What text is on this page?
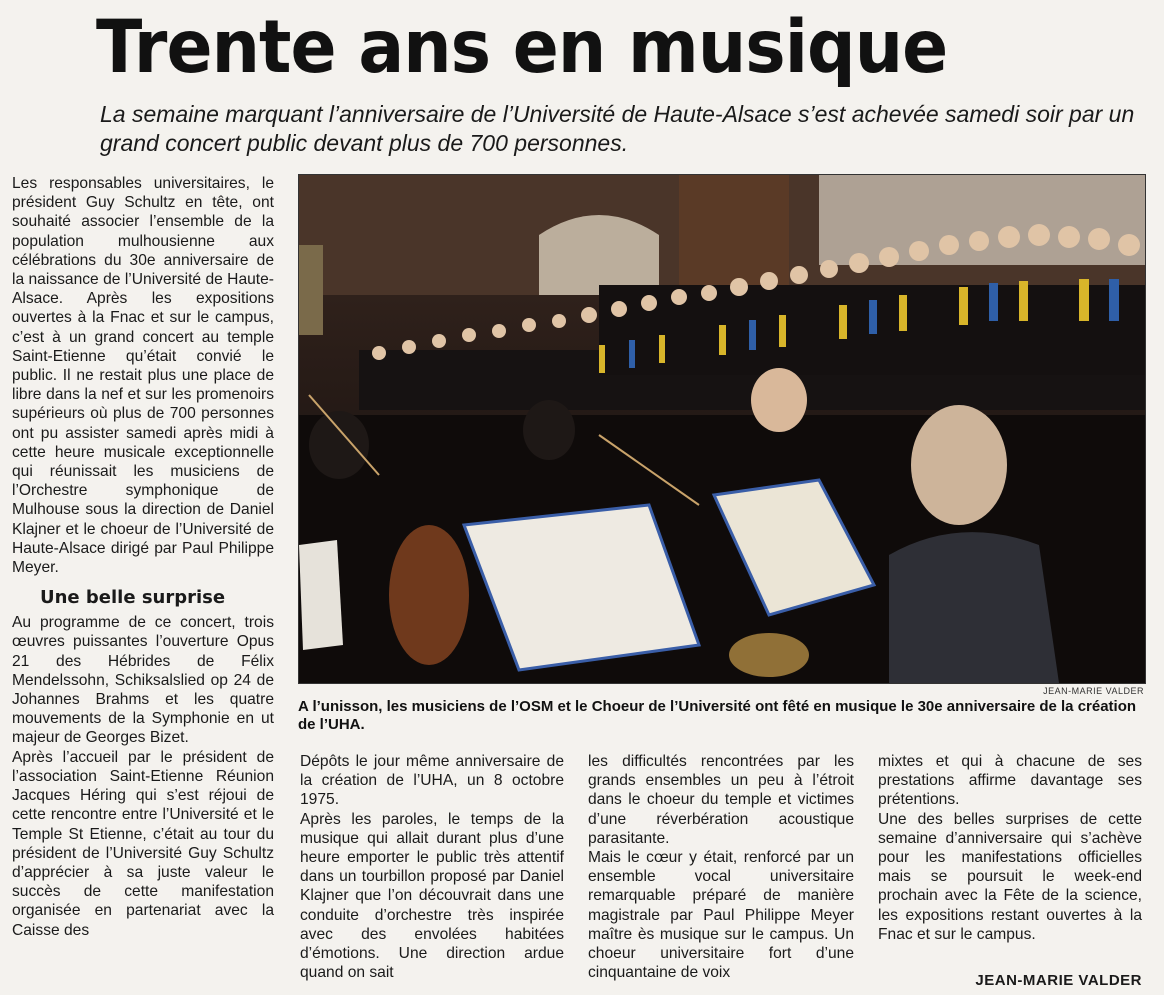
Trente ans en musique

La semaine marquant l’anniversaire de l’Université de Haute-Alsace s’est achevée samedi soir par un grand concert public devant plus de 700 personnes.

Les responsables universitaires, le président Guy Schultz en tête, ont souhaité associer l’ensemble de la population mulhousienne aux célébrations du 30e anniversaire de la naissance de l’Université de Haute-Alsace. Après les expositions ouvertes à la Fnac et sur le campus, c’est à un grand concert au temple Saint-Etienne qu’était convié le public. Il ne restait plus une place de libre dans la nef et sur les promenoirs supérieurs où plus de 700 personnes ont pu assister samedi après midi à cette heure musicale exceptionnelle qui réunissait les musiciens de l’Orchestre symphonique de Mulhouse sous la direction de Daniel Klajner et le choeur de l’Université de Haute-Alsace dirigé par Paul Philippe Meyer.

Une belle surprise

Au programme de ce concert, trois œuvres puissantes l’ouverture Opus 21 des Hébrides de Félix Mendelssohn, Schiksalslied op 24 de Johannes Brahms et les quatre mouvements de la Symphonie en ut majeur de Georges Bizet.

Après l’accueil par le président de l’association Saint-Etienne Réunion Jacques Héring qui s’est réjoui de cette rencontre entre l’Université et le Temple St Etienne, c’était au tour du président de l’Université Guy Schultz d’apprécier à sa juste valeur le succès de cette manifestation organisée en partenariat avec la Caisse des

JEAN-MARIE VALDER

A l’unisson, les musiciens de l’OSM et le Choeur de l’Université ont fêté en musique le 30e anniversaire de la création de l’UHA.

Dépôts le jour même anniversaire de la création de l’UHA, un 8 octobre 1975.

Après les paroles, le temps de la musique qui allait durant plus d’une heure emporter le public très attentif dans un tourbillon proposé par Daniel Klajner que l’on découvrait dans une conduite d’orchestre très inspirée avec des envolées habitées d’émotions. Une direction ardue quand on sait

les difficultés rencontrées par les grands ensembles un peu à l’étroit dans le choeur du temple et victimes d’une réverbération acoustique parasitante.

Mais le cœur y était, renforcé par un ensemble vocal universitaire remarquable préparé de manière magistrale par Paul Philippe Meyer maître ès musique sur le campus. Un choeur universitaire fort d’une cinquantaine de voix

mixtes et qui à chacune de ses prestations affirme davantage ses prétentions.

Une des belles surprises de cette semaine d’anniversaire qui s’achève pour les manifestations officielles mais se poursuit le week-end prochain avec la Fête de la science, les expositions restant ouvertes à la Fnac et sur le campus.

JEAN-MARIE VALDER
